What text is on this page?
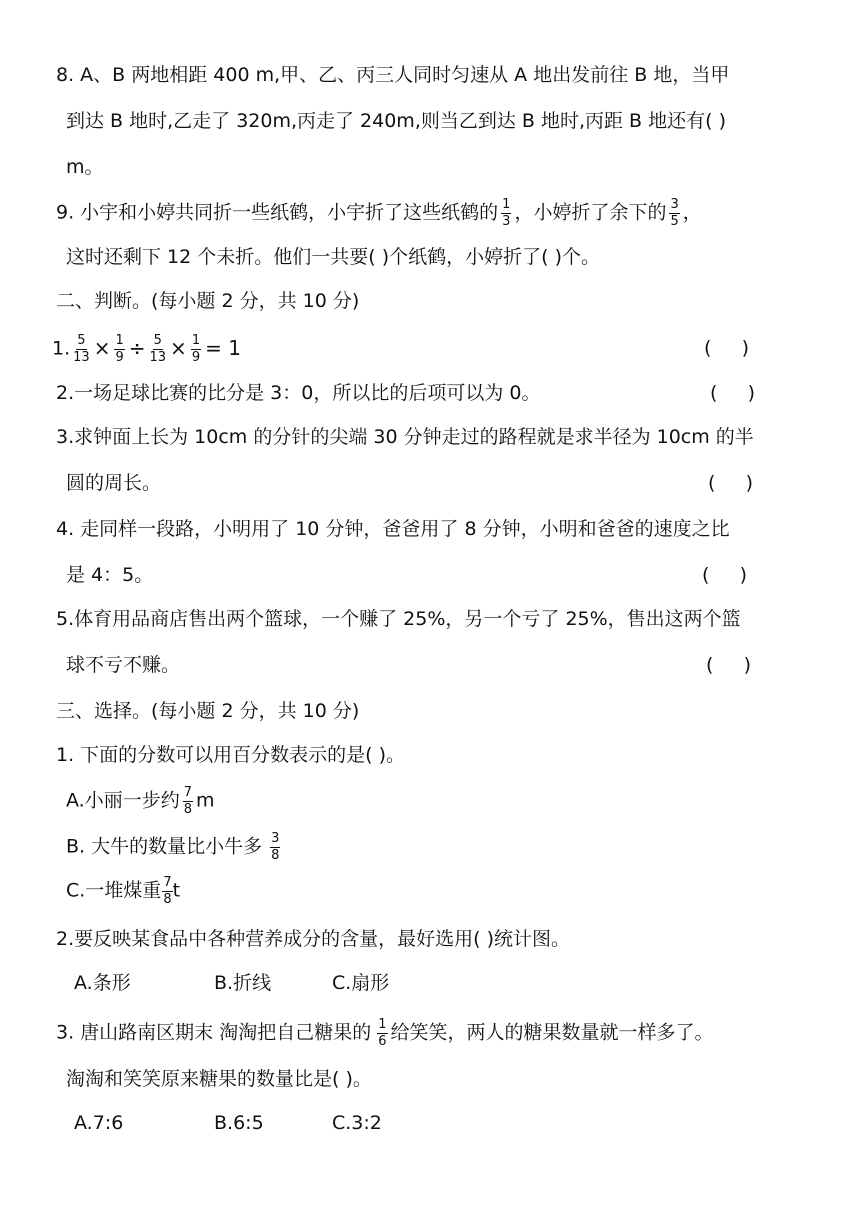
8. A、B 两地相距 400 m,甲、乙、丙三人同时匀速从 A 地出发前往 B 地，当甲
到达 B 地时,乙走了 320m,丙走了 240m,则当乙到达 B 地时,丙距 B 地还有( )
m。
9. 小宇和小婷共同折一些纸鹤，小宇折了这些纸鹤的 $\frac{1}{3}$ ，小婷折了余下的 $\frac{3}{5}$ ，
这时还剩下 12 个未折。他们一共要( )个纸鹤，小婷折了( )个。
二、判断。(每小题 2 分，共 10 分)
1. $\frac{5}{13} \times \frac{1}{9} \div \frac{5}{13} \times \frac{1}{9} = 1$	(     )
2.一场足球比赛的比分是 3：0，所以比的后项可以为 0。	(     )
3.求钟面上长为 10cm 的分针的尖端 30 分钟走过的路程就是求半径为 10cm 的半
圆的周长。	(     )
4. 走同样一段路，小明用了 10 分钟，爸爸用了 8 分钟，小明和爸爸的速度之比
是 4：5。	(     )
5.体育用品商店售出两个篮球，一个赚了 25%，另一个亏了 25%，售出这两个篮
球不亏不赚。	(     )
三、选择。(每小题 2 分，共 10 分)
1. 下面的分数可以用百分数表示的是( )。
A.小丽一步约 $\frac{7}{8}$ m
B. 大牛的数量比小牛多 $\frac{3}{8}$
C.一堆煤重 $\frac{7}{8}$ t
2.要反映某食品中各种营养成分的含量，最好选用( )统计图。
A.条形	B.折线	C.扇形
3. 唐山路南区期末 淘淘把自己糖果的 $\frac{1}{6}$ 给笑笑，两人的糖果数量就一样多了。
淘淘和笑笑原来糖果的数量比是( )。
A.7:6	B.6:5	C.3:2
